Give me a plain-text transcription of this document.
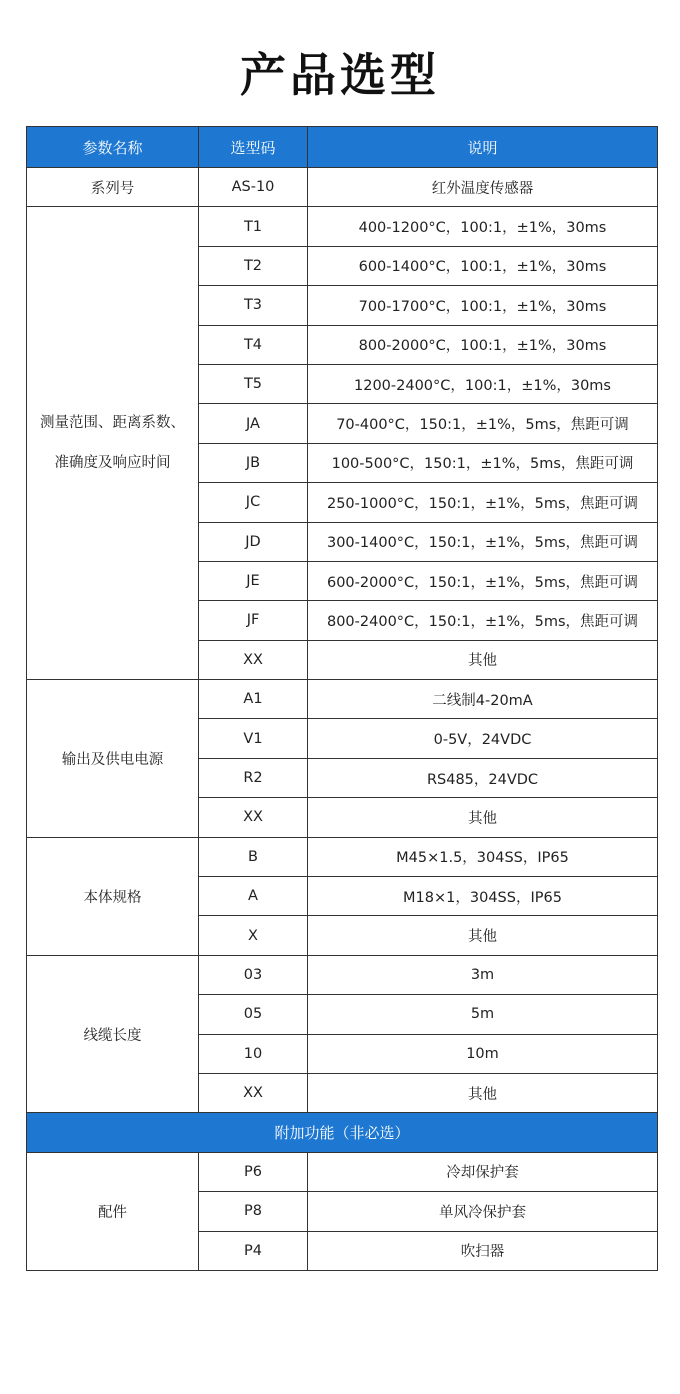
产品选型
参数名称	选型码	说明
系列号	AS-10	红外温度传感器

测量范围、距离系数、
准确度及响应时间	T1	400-1200°C，100:1，±1%，30ms
	T2	600-1400°C，100:1，±1%，30ms
	T3	700-1700°C，100:1，±1%，30ms
	T4	800-2000°C，100:1，±1%，30ms
	T5	1200-2400°C，100:1，±1%，30ms
	JA	70-400°C，150:1，±1%，5ms，焦距可调
	JB	100-500°C，150:1，±1%，5ms，焦距可调
	JC	250-1000°C，150:1，±1%，5ms，焦距可调
	JD	300-1400°C，150:1，±1%，5ms，焦距可调
	JE	600-2000°C，150:1，±1%，5ms，焦距可调
	JF	800-2400°C，150:1，±1%，5ms，焦距可调
	XX	其他
输出及供电电源	A1	二线制4-20mA
	V1	0-5V，24VDC
	R2	RS485，24VDC
	XX	其他
本体规格	B	M45×1.5，304SS，IP65
	A	M18×1，304SS，IP65
	X	其他
线缆长度	03	3m
	05	5m
	10	10m
	XX	其他
附加功能（非必选）		
配件	P6	冷却保护套
	P8	单风冷保护套
	P4	吹扫器
